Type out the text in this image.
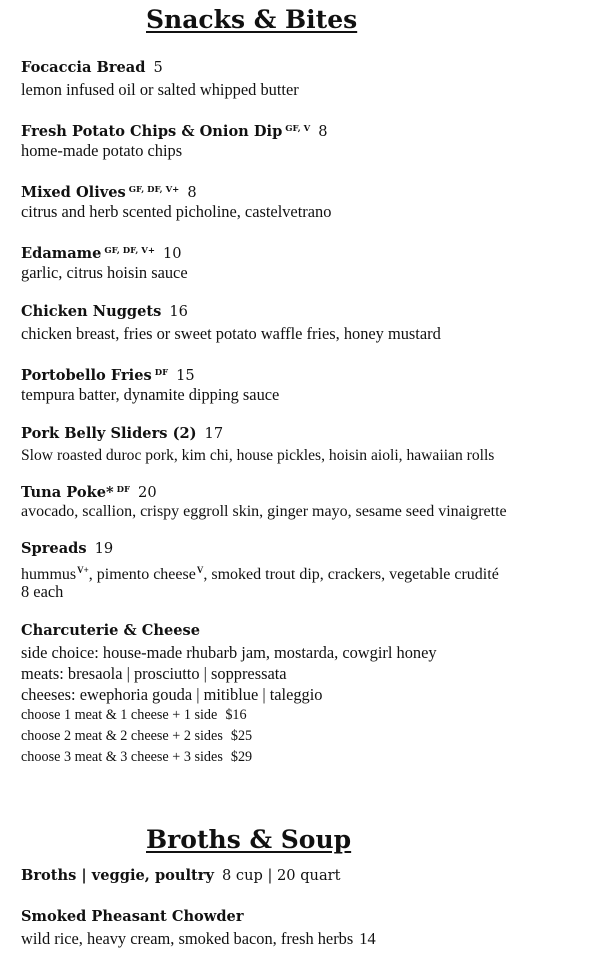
Snacks & Bites
Focaccia Bread 5
lemon infused oil or salted whipped butter
Fresh Potato Chips & Onion Dip $^{GF, V}$ 8
home-made potato chips
Mixed Olives $^{GF, DF, V+}$ 8
citrus and herb scented picholine, castelvetrano
Edamame $^{GF, DF, V+}$ 10
garlic, citrus hoisin sauce
Chicken Nuggets 16
chicken breast, fries or sweet potato waffle fries, honey mustard
Portobello Fries $^{DF}$ 15
tempura batter, dynamite dipping sauce
Pork Belly Sliders (2) 17
Slow roasted duroc pork, kim chi, house pickles, hoisin aioli, hawaiian rolls
Tuna Poke* $^{DF}$ 20
avocado, scallion, crispy eggroll skin, ginger mayo, sesame seed vinaigrette
Spreads 19
hummus$^{V+}$, pimento cheese$^V$, smoked trout dip, crackers, vegetable crudité
8 each
Charcuterie & Cheese
side choice: house-made rhubarb jam, mostarda, cowgirl honey
meats: bresaola | prosciutto | soppressata
cheeses: ewephoria gouda | mitiblue | taleggio
choose 1 meat & 1 cheese + 1 side $16
choose 2 meat & 2 cheese + 2 sides $25
choose 3 meat & 3 cheese + 3 sides $29
Broths & Soup
Broths | veggie, poultry 8 cup | 20 quart
Smoked Pheasant Chowder
wild rice, heavy cream, smoked bacon, fresh herbs 14
